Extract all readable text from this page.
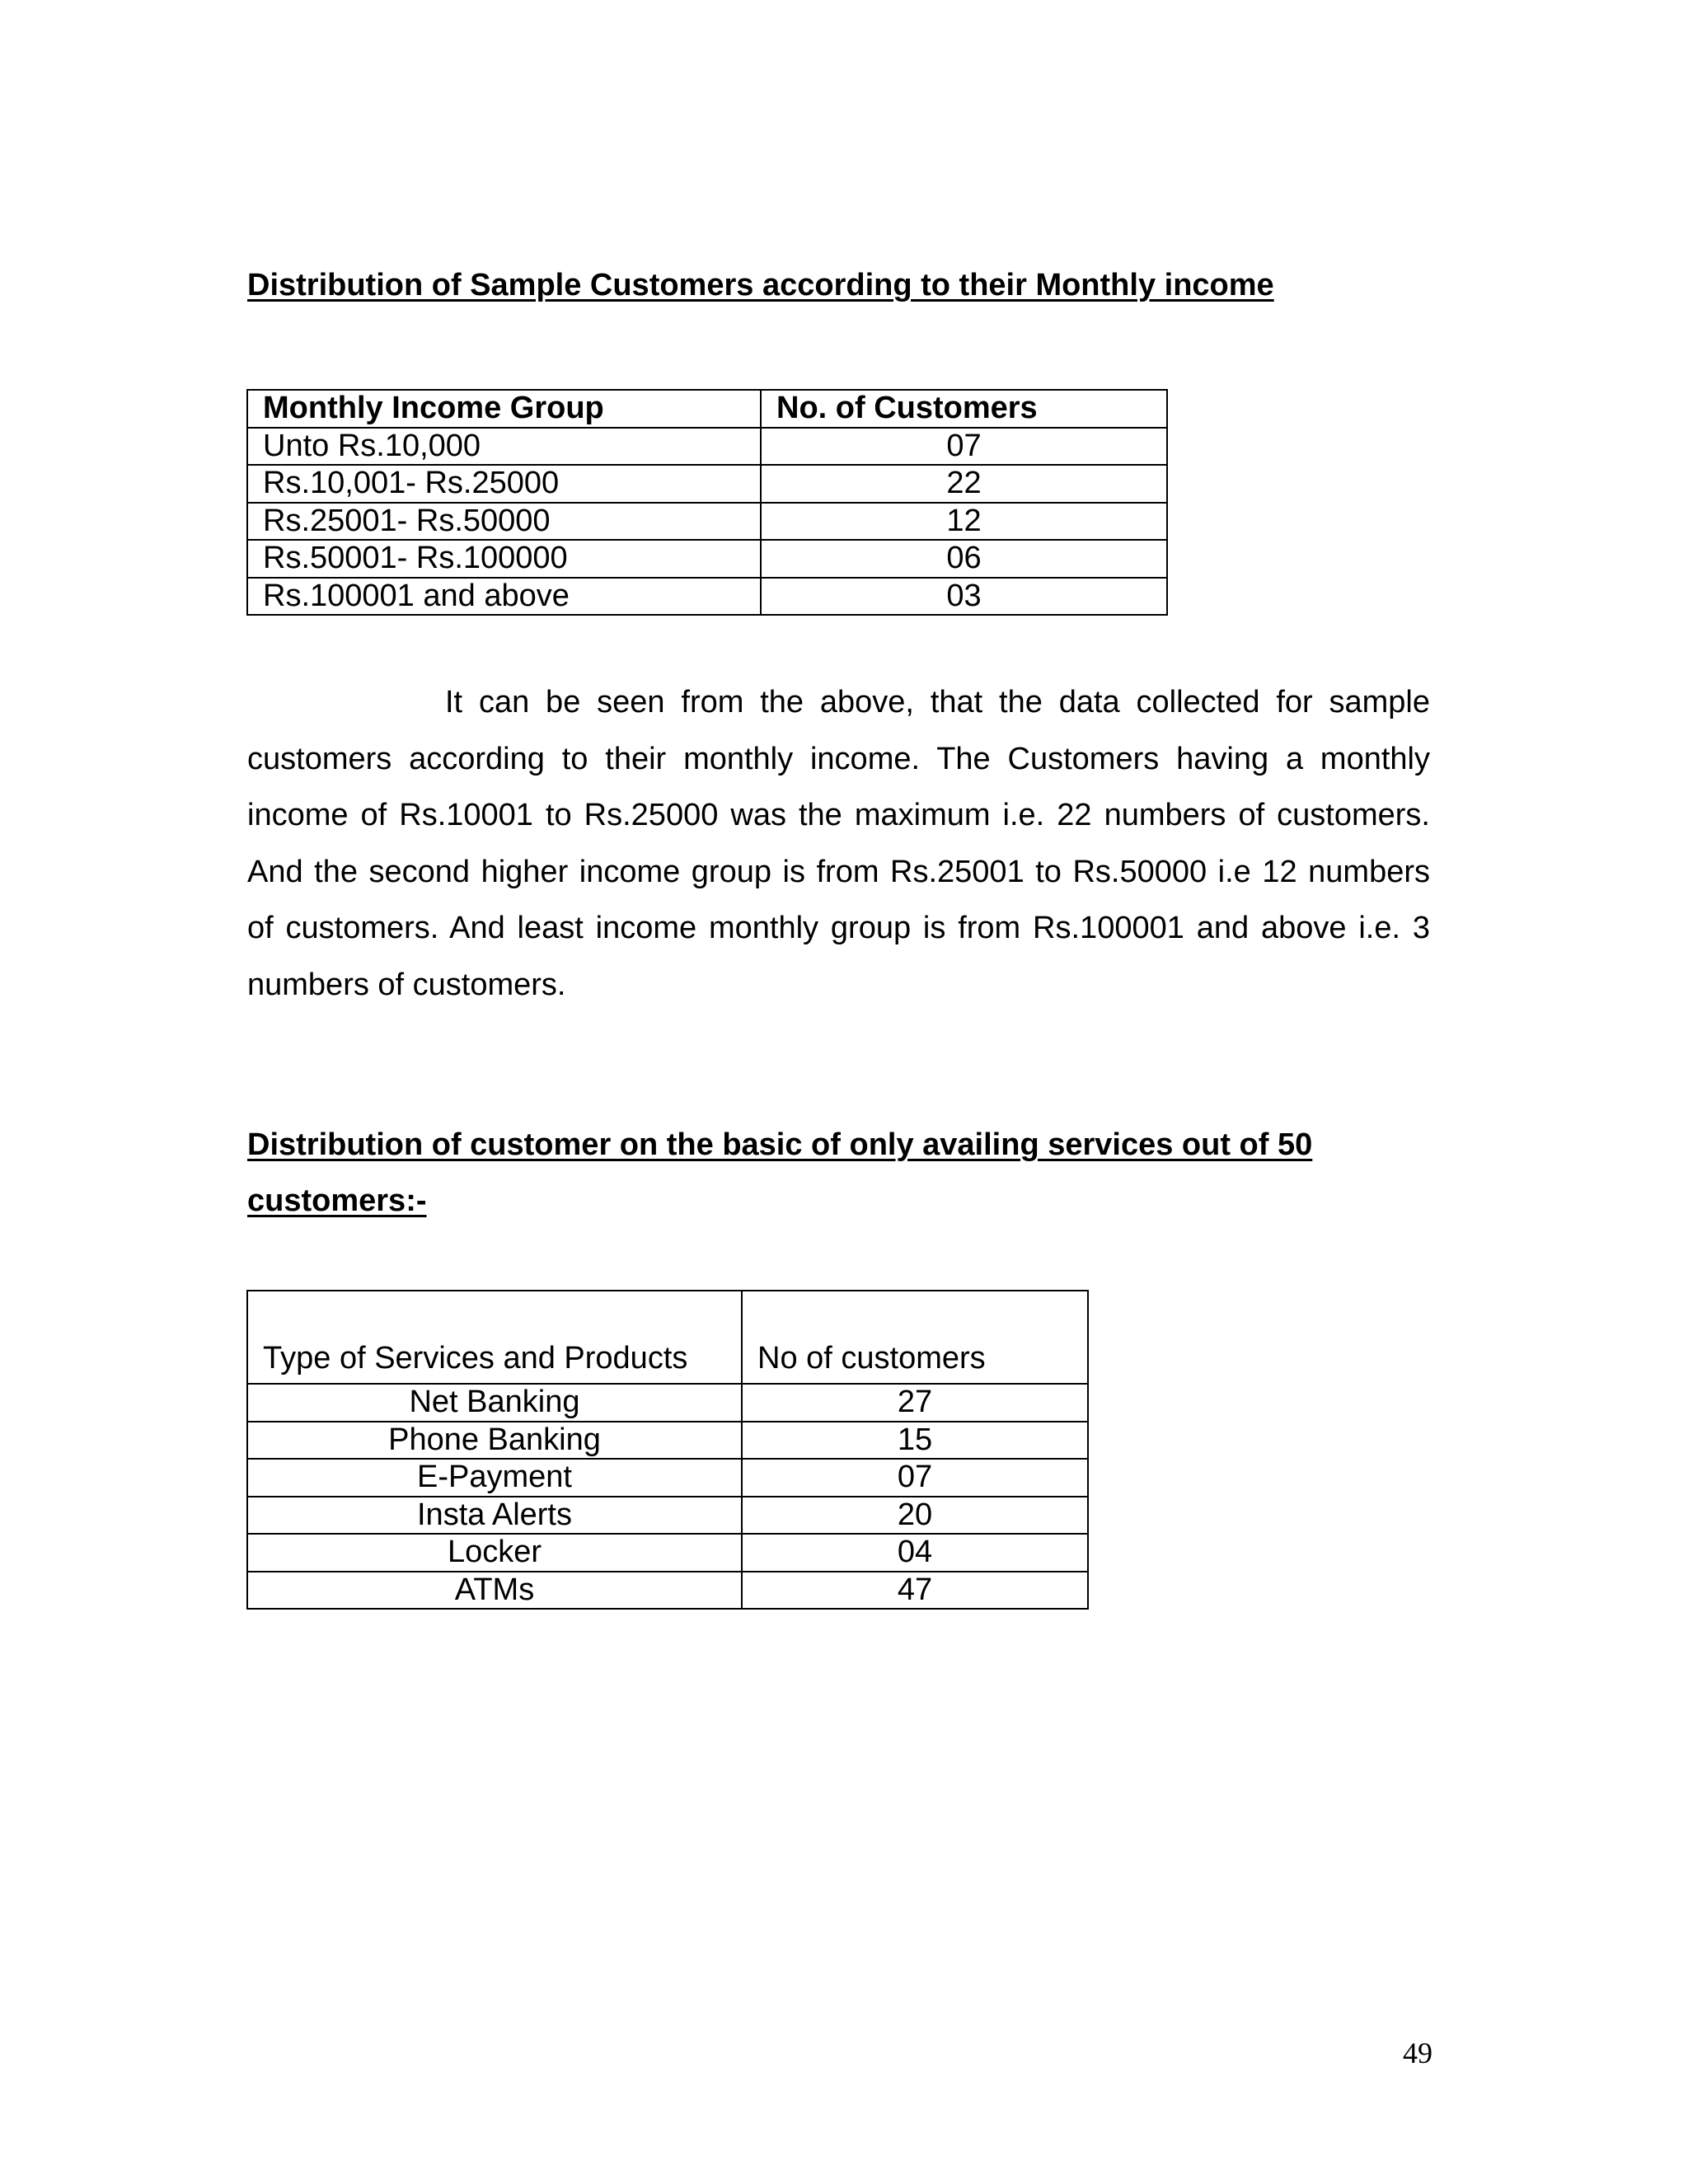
Distribution of Sample Customers according to their Monthly income
Monthly Income Group	No. of Customers
Unto Rs.10,000	07
Rs.10,001- Rs.25000	22
Rs.25001- Rs.50000	12
Rs.50001- Rs.100000	06
Rs.100001 and above	03

It can be seen from the above, that the data collected for sample customers according to their monthly income. The Customers having a monthly income of Rs.10001 to Rs.25000 was the maximum i.e. 22 numbers of customers. And the second higher income group is from Rs.25001 to Rs.50000 i.e 12 numbers of customers. And least income monthly group is from Rs.100001 and above i.e. 3 numbers of customers.

Distribution of customer on the basic of only availing services out of 50
customers:-
Type of Services and Products	No of customers
Net Banking	27
Phone Banking	15
E-Payment	07
Insta Alerts	20
Locker	04
ATMs	47

49
